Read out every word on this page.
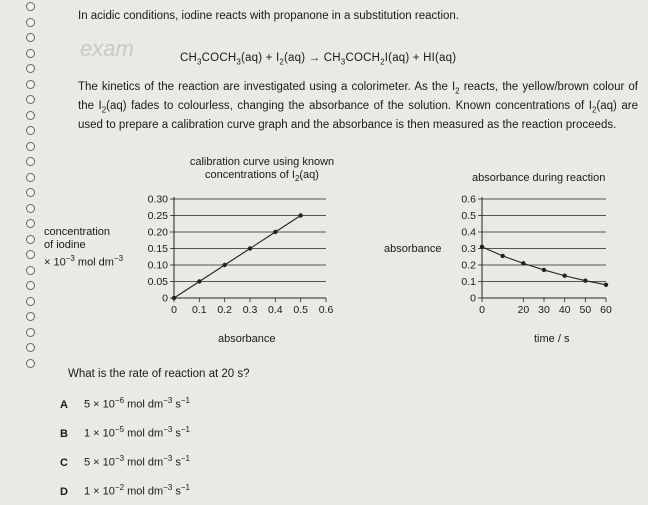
exam
In acidic conditions, iodine reacts with propanone in a substitution reaction.
$CH_3COCH_3(aq) + I_2(aq)$ → $CH_3COCH_2I(aq) + HI(aq)$
The kinetics of the reaction are investigated using a colorimeter. As the $I_2$ reacts, the yellow/brown colour of the $I_2(aq)$ fades to colourless, changing the absorbance of the solution. Known concentrations of $I_2(aq)$ are used to prepare a calibration curve graph and the absorbance is then measured as the reaction proceeds.
calibration curve using known
concentrations of $I_2(aq)$
concentration
of iodine
× $10^{-3}$ mol $dm^{-3}$
absorbance
absorbance during reaction
absorbance
time / s
0
0.05
0.10
0.15
0.20
0.25
0.30
0 0.1 0.2 0.3 0.4 0.5 0.6
0
0.1
0.2
0.3
0.4
0.5
0.6
0	20 30 40 50 60
What is the rate of reaction at 20 s?
A $5 \times 10^{-6}$ mol $dm^{-3}$ $s^{-1}$
B $1 \times 10^{-5}$ mol $dm^{-3}$ $s^{-1}$
C $5 \times 10^{-3}$ mol $dm^{-3}$ $s^{-1}$
D $1 \times 10^{-2}$ mol $dm^{-3}$ $s^{-1}$
